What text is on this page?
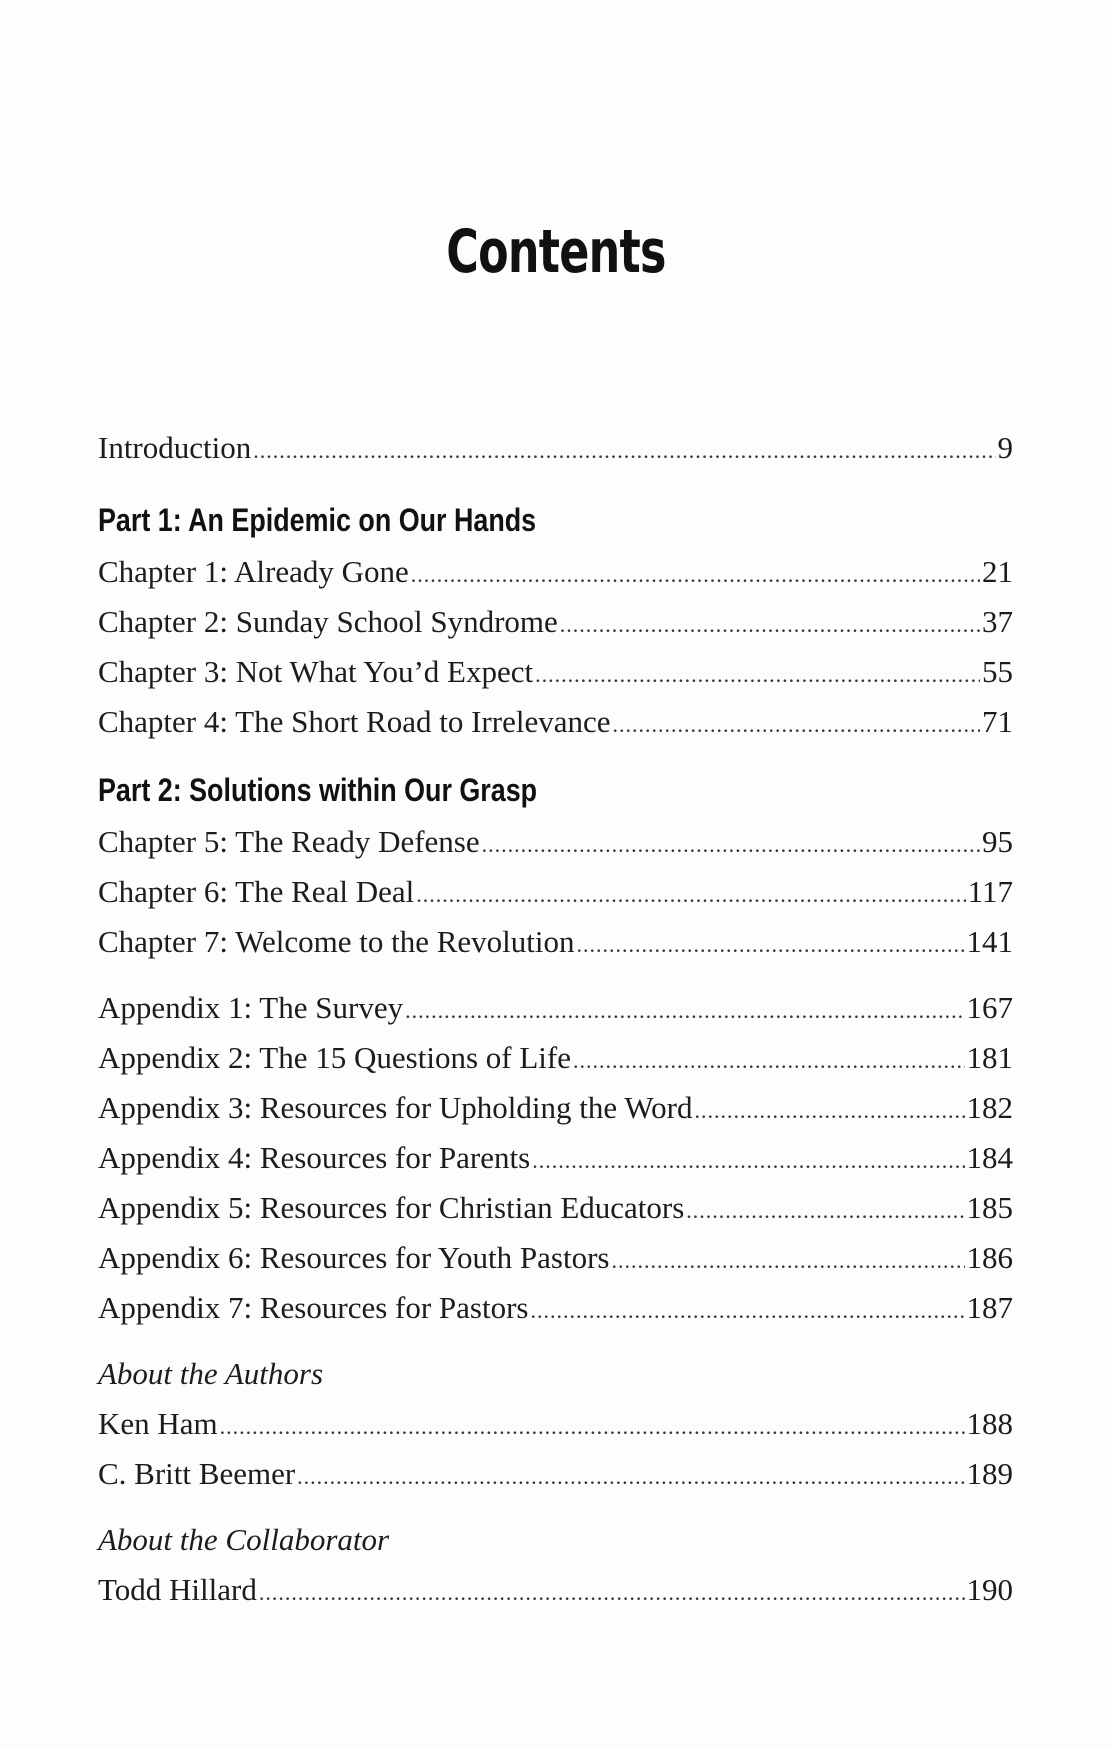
Contents
Introduction .....	9
Part 1: An Epidemic on Our Hands
Chapter 1: Already Gone .....	21
Chapter 2: Sunday School Syndrome .....	37
Chapter 3: Not What You’d Expect .....	55
Chapter 4: The Short Road to Irrelevance .....	71
Part 2: Solutions within Our Grasp
Chapter 5: The Ready Defense .....	95
Chapter 6: The Real Deal .....	117
Chapter 7: Welcome to the Revolution .....	141
Appendix 1: The Survey .....	167
Appendix 2: The 15 Questions of Life .....	181
Appendix 3: Resources for Upholding the Word .....	182
Appendix 4: Resources for Parents .....	184
Appendix 5: Resources for Christian Educators .....	185
Appendix 6: Resources for Youth Pastors .....	186
Appendix 7: Resources for Pastors .....	187
About the Authors
Ken Ham .....	188
C. Britt Beemer .....	189
About the Collaborator
Todd Hillard .....	190
